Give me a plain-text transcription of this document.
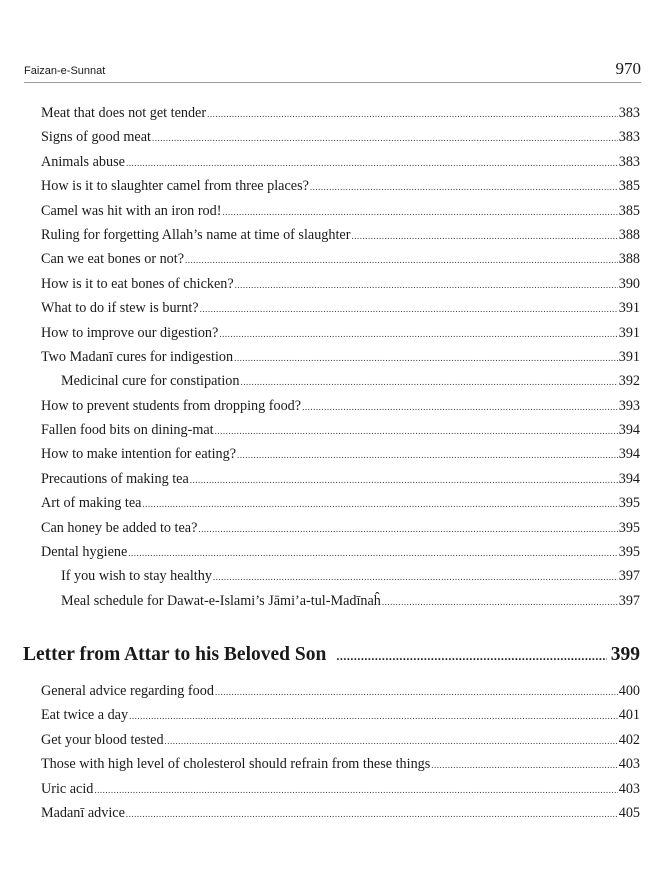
Faizan-e-Sunnat	970
Meat that does not get tender .....	383
Signs of good meat .....	383
Animals abuse .....	383
How is it to slaughter camel from three places? .....	385
Camel was hit with an iron rod! .....	385
Ruling for forgetting Allah’s name at time of slaughter .....	388
Can we eat bones or not? .....	388
How is it to eat bones of chicken? .....	390
What to do if stew is burnt? .....	391
How to improve our digestion? .....	391
Two Madanī cures for indigestion .....	391
Medicinal cure for constipation .....	392
How to prevent students from dropping food? .....	393
Fallen food bits on dining-mat .....	394
How to make intention for eating? .....	394
Precautions of making tea .....	394
Art of making tea .....	395
Can honey be added to tea? .....	395
Dental hygiene .....	395
If you wish to stay healthy .....	397
Meal schedule for Dawat-e-Islami’s Jāmi’a-tul-Madīnaĥ .....	397
Letter from Attar to his Beloved Son .....	399
General advice regarding food .....	400
Eat twice a day .....	401
Get your blood tested .....	402
Those with high level of cholesterol should refrain from these things .....	403
Uric acid .....	403
Madanī advice .....	405
